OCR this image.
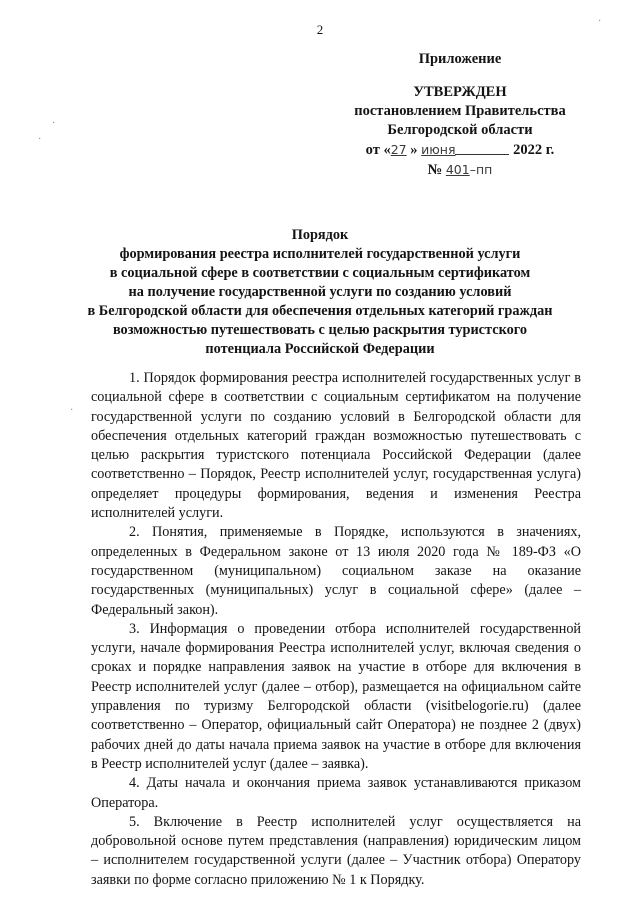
2
Приложение
УТВЕРЖДЕН
постановлением Правительства
Белгородской области
от «27 » июня	2022 г.
№ 401–пп
Порядок
формирования реестра исполнителей государственной услуги
в социальной сфере в соответствии с социальным сертификатом
на получение государственной услуги по созданию условий
в Белгородской области для обеспечения отдельных категорий граждан
возможностью путешествовать с целью раскрытия туристского
потенциала Российской Федерации

1. Порядок формирования реестра исполнителей государственных услуг в социальной сфере в соответствии с социальным сертификатом на получение государственной услуги по созданию условий в Белгородской области для обеспечения отдельных категорий граждан возможностью путешествовать с целью раскрытия туристского потенциала Российской Федерации (далее соответственно – Порядок, Реестр исполнителей услуг, государственная услуга) определяет процедуры формирования, ведения и изменения Реестра исполнителей услуги.

2. Понятия, применяемые в Порядке, используются в значениях, определенных в Федеральном законе от 13 июля 2020 года № 189-ФЗ «О государственном (муниципальном) социальном заказе на оказание государственных (муниципальных) услуг в социальной сфере» (далее – Федеральный закон).

3. Информация о проведении отбора исполнителей государственной услуги, начале формирования Реестра исполнителей услуг, включая сведения о сроках и порядке направления заявок на участие в отборе для включения в Реестр исполнителей услуг (далее – отбор), размещается на официальном сайте управления по туризму Белгородской области (visitbelogorie.ru) (далее соответственно – Оператор, официальный сайт Оператора) не позднее 2 (двух) рабочих дней до даты начала приема заявок на участие в отборе для включения в Реестр исполнителей услуг (далее – заявка).

4. Даты начала и окончания приема заявок устанавливаются приказом Оператора.

5. Включение в Реестр исполнителей услуг осуществляется на добровольной основе путем представления (направления) юридическим лицом – исполнителем государственной услуги (далее – Участник отбора) Оператору заявки по форме согласно приложению № 1 к Порядку.

·
·
·
·
